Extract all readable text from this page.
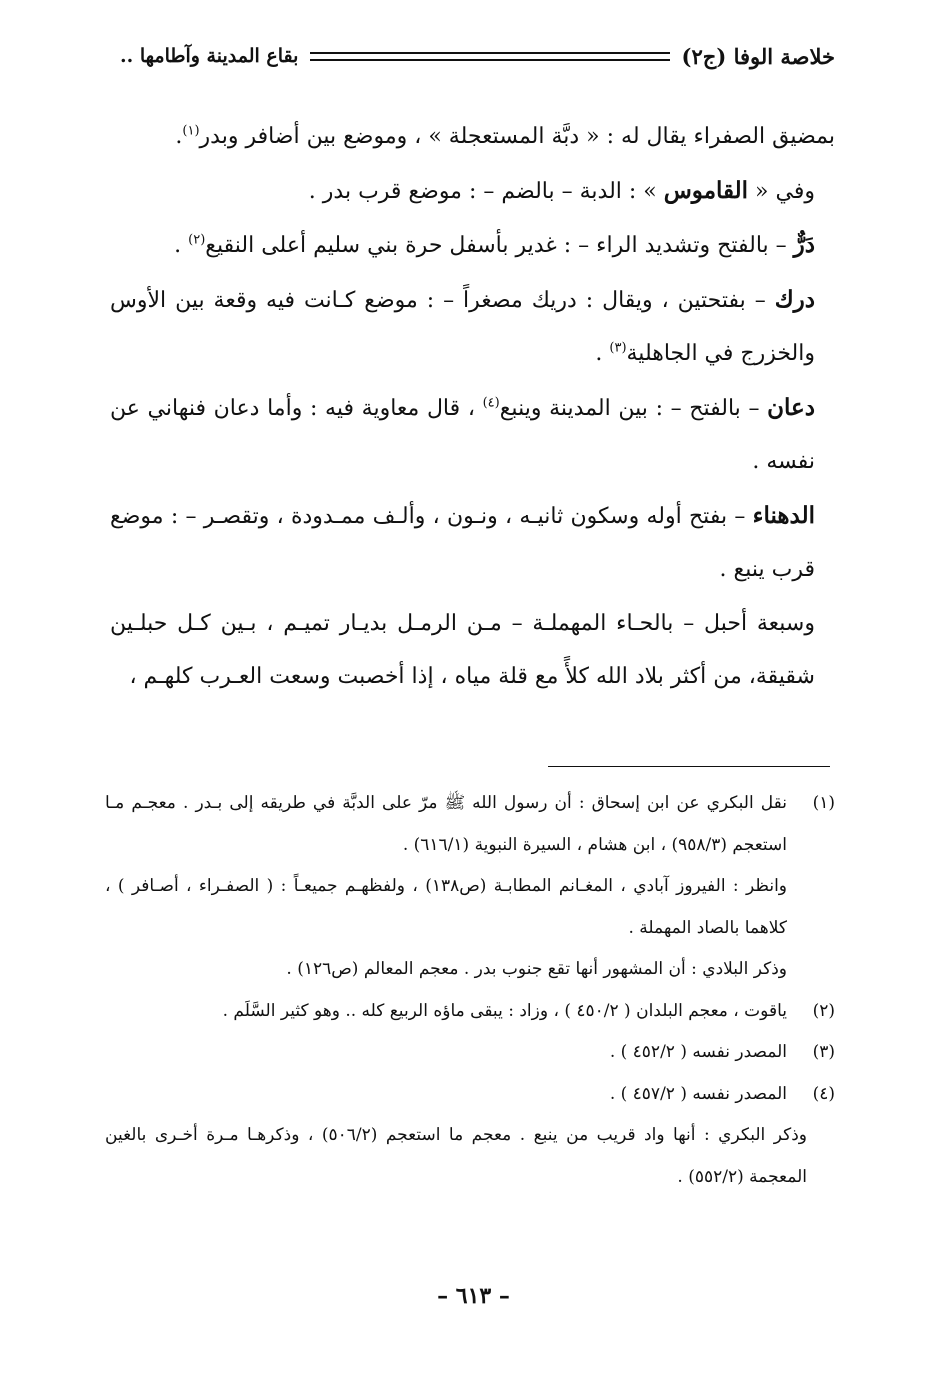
خلاصة الوفا (ج٢)
بقاع المدينة وآطامها ..

بمضيق الصفراء يقال له : « دبَّة المستعجلة » ، وموضع بين أضافر وبدر$^{(١)}$.

وفي « القاموس » : الدبة – بالضم – : موضع قرب بدر .

دَرٌّ – بالفتح وتشديد الراء – : غدير بأسفل حرة بني سليم أعلى النقيع$^{(٢)}$ .

درك – بفتحتين ، ويقال : دريك مصغراً – : موضع كـانت فيه وقعة بين الأوس والخزرج في الجاهلية$^{(٣)}$ .

دعان – بالفتح – : بين المدينة وينبع$^{(٤)}$ ، قال معاوية فيه : وأما دعان فنهاني عن نفسه .

الدهناء – بفتح أوله وسكون ثانيـه ، ونـون ، وألـف ممـدودة ، وتقصـر – : موضع قرب ينبع .

وسبعة أحبل – بالحـاء المهملـة – مـن الرمـل بديـار تميـم ، بـين كـل حبلـين شقيقة، من أكثر بلاد الله كلأً مع قلة مياه ، إذا أخصبت وسعت العـرب كلهـم ،

(١)
نقل البكري عن ابن إسحاق : أن رسول الله ﷺ مرّ على الدبَّة في طريقه إلى بـدر . معجـم مـا استعجم (٩٥٨/٣) ، ابن هشام ، السيرة النبوية (٦١٦/١) .

وانظر : الفيروز آبادي ، المغـانم المطابـة (ص١٣٨) ، ولفظهـم جميعـاً : ( الصفـراء ، أصـافر ) ، كلاهما بالصاد المهملة .

وذكر البلادي : أن المشهور أنها تقع جنوب بدر . معجم المعالم (ص١٢٦) .

(٢)
ياقوت ، معجم البلدان ( ٤٥٠/٢ ) ، وزاد : يبقى ماؤه الربيع كله .. وهو كثير السَّلَم .

(٣)
المصدر نفسه ( ٤٥٢/٢ ) .

(٤)
المصدر نفسه ( ٤٥٧/٢ ) .

وذكر البكري : أنها واد قريب من ينبع . معجم ما استعجم (٥٠٦/٢) ، وذكرهـا مـرة أخـرى بالغين المعجمة (٥٥٢/٢) .

– ٦١٣ –
